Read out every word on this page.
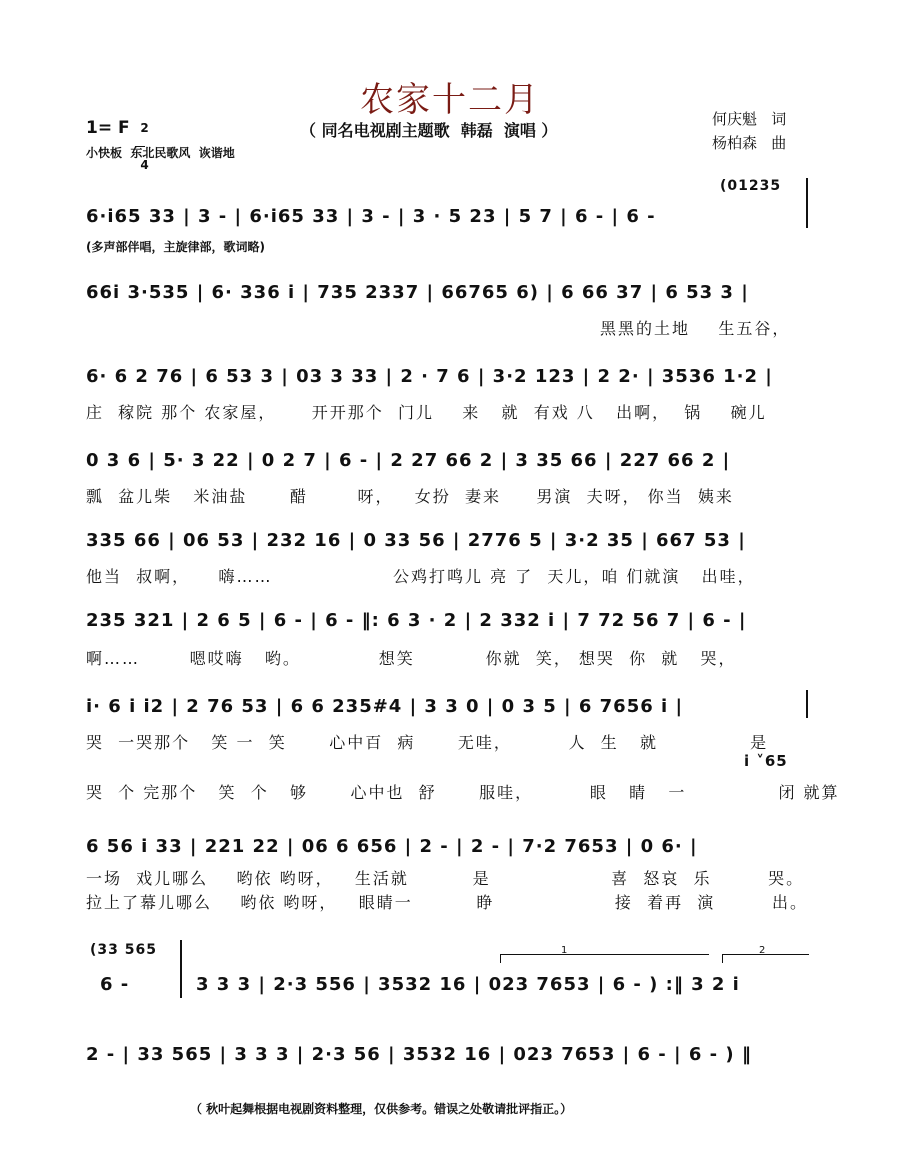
农家十二月
1= F 2

4

（ 同名电视剧主题歌  韩磊  演唱 ）
何庆魁   词
杨柏森   曲
小快板  东北民歌风  诙谐地
(01235
6·i65 33 | 3 - | 6·i65 33 | 3 - | 3 · 5 23 | 5 7 | 6 - | 6 -
(多声部伴唱，主旋律部，歌词略)
66i 3·535 | 6· 336 i | 735 2337 | 66765 6) | 6 66 37 | 6 53 3 |
黑黑的土地    生五谷，
6· 6 2 76 | 6 53 3 | 03 3 33 | 2 · 7 6 | 3·2 123 | 2 2· | 3536 1·2 |
庄  稼院 那个 农家屋，     开开那个  门儿    来   就  有戏 八   出啊，  锅    碗儿
0 3 6 | 5· 3 22 | 0 2 7 | 6 - | 2 27 66 2 | 3 35 66 | 227 66 2 |
瓢  盆儿柴   米油盐      醋       呀，   女扮  妻来     男演  夫呀， 你当  姨来
335 66 | 06 53 | 232 16 | 0 33 56 | 2776 5 | 3·2 35 | 667 53 |
他当  叔啊，    嗨……                 公鸡打鸣儿 亮 了  天儿，咱 们就演   出哇，
235 321 | 2 6 5 | 6 - | 6 - ‖: 6 3 · 2 | 2 332 i | 7 72 56 7 | 6 - |
啊……       嗯哎嗨   哟。           想笑          你就  笑， 想哭  你  就   哭，
i· 6 i i2 | 2 76 53 | 6 6 235#4 | 3 3 0 | 0 3 5 | 6 7656 i |
哭  一哭那个   笑 一  笑      心中百  病      无哇，        人  生   就             是
i ˅65
哭  个 完那个   笑  个   够      心中也  舒      服哇，        眼   睛   一             闭 就算
6 56 i 33 | 221 22 | 06 6 656 | 2 - | 2 - | 7·2 7653 | 0 6· |
一场  戏儿哪么    哟依 哟呀，   生活就         是                 喜  怒哀  乐        哭。
拉上了幕儿哪么    哟依 哟呀，   眼睛一         睁                 接  着再  演        出。
(33 565
6 -	3 3 3 | 2·3 556 | 3532 16 | 023 7653 | 6 - ) :‖ 3 2 i
1	2
2 - | 33 565 | 3 3 3 | 2·3 56 | 3532 16 | 023 7653 | 6 - | 6 - ) ‖
（ 秋叶起舞根据电视剧资料整理，仅供参考。错误之处敬请批评指正。）
